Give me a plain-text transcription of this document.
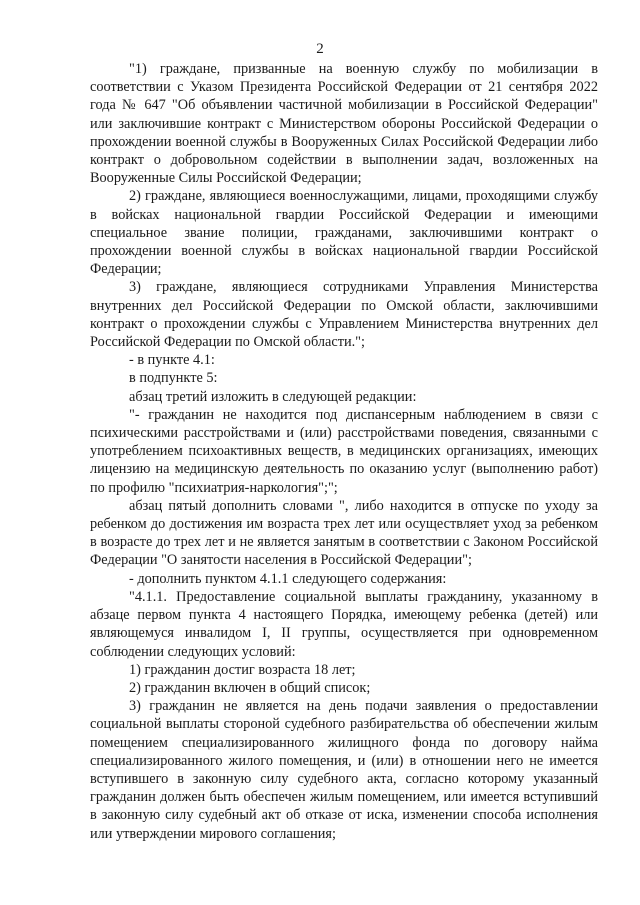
2

"1) граждане, призванные на военную службу по мобилизации в соответствии с Указом Президента Российской Федерации от 21 сентября 2022 года № 647 "Об объявлении частичной мобилизации в Российской Федерации" или заключившие контракт с Министерством обороны Российской Федерации о прохождении военной службы в Вооруженных Силах Российской Федерации либо контракт о добровольном содействии в выполнении задач, возложенных на Вооруженные Силы Российской Федерации;

2) граждане, являющиеся военнослужащими, лицами, проходящими службу в войсках национальной гвардии Российской Федерации и имеющими специальное звание полиции, гражданами, заключившими контракт о прохождении военной службы в войсках национальной гвардии Российской Федерации;

3) граждане, являющиеся сотрудниками Управления Министерства внутренних дел Российской Федерации по Омской области, заключившими контракт о прохождении службы с Управлением Министерства внутренних дел Российской Федерации по Омской области.";

- в пункте 4.1:

в подпункте 5:

абзац третий изложить в следующей редакции:

"- гражданин не находится под диспансерным наблюдением в связи с психическими расстройствами и (или) расстройствами поведения, связанными с употреблением психоактивных веществ, в медицинских организациях, имеющих лицензию на медицинскую деятельность по оказанию услуг (выполнению работ) по профилю "психиатрия-наркология";";

абзац пятый дополнить словами ", либо находится в отпуске по уходу за ребенком до достижения им возраста трех лет или осуществляет уход за ребенком в возрасте до трех лет и не является занятым в соответствии с Законом Российской Федерации "О занятости населения в Российской Федерации";

- дополнить пунктом 4.1.1 следующего содержания:

"4.1.1. Предоставление социальной выплаты гражданину, указанному в абзаце первом пункта 4 настоящего Порядка, имеющему ребенка (детей) или являющемуся инвалидом I, II группы, осуществляется при одновременном соблюдении следующих условий:

1) гражданин достиг возраста 18 лет;

2) гражданин включен в общий список;

3) гражданин не является на день подачи заявления о предоставлении социальной выплаты стороной судебного разбирательства об обеспечении жилым помещением специализированного жилищного фонда по договору найма специализированного жилого помещения, и (или) в отношении него не имеется вступившего в законную силу судебного акта, согласно которому указанный гражданин должен быть обеспечен жилым помещением, или имеется вступивший в законную силу судебный акт об отказе от иска, изменении способа исполнения или утверждении мирового соглашения;
